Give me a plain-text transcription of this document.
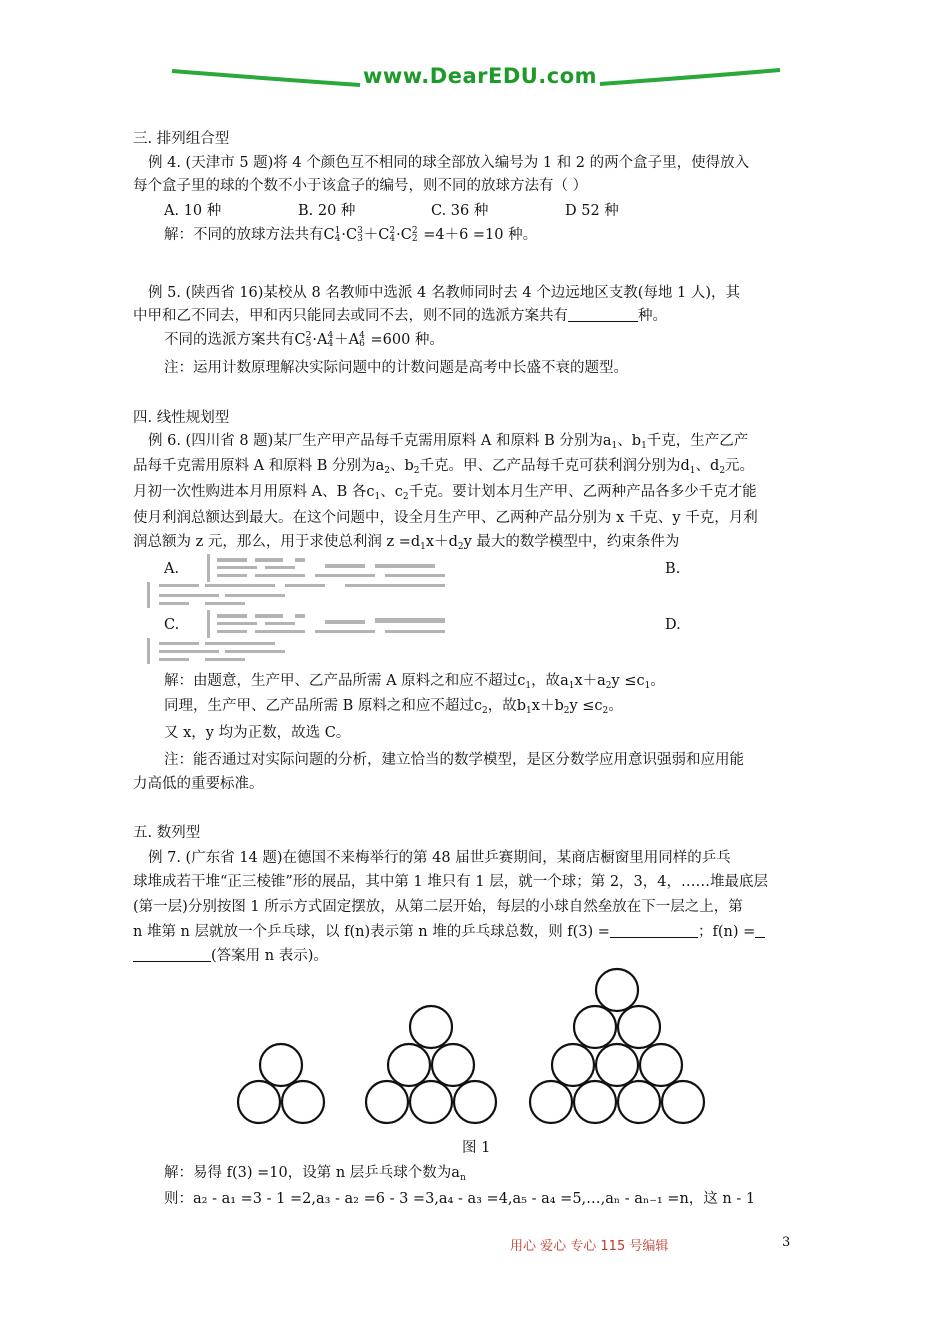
www.DearEDU.com
三. 排列组合型
例 4. (天津市 5 题)将 4 个颜色互不相同的球全部放入编号为 1 和 2 的两个盒子里，使得放入
每个盒子里的球的个数不小于该盒子的编号，则不同的放球方法有（ ）
A. 10 种	B. 20 种	C. 36 种	D 52 种
解：不同的放球方法共有C1
4·C3
3＋C2
4·C2
2 =4＋6 =10 种。
例 5. (陕西省 16)某校从 8 名教师中选派 4 名教师同时去 4 个边远地区支教(每地 1 人)，其
中甲和乙不同去，甲和丙只能同去或同不去，则不同的选派方案共有	种。
不同的选派方案共有C2
5·A4
4＋A4
6 =600 种。
注：运用计数原理解决实际问题中的计数问题是高考中长盛不衰的题型。
四. 线性规划型
例 6. (四川省 8 题)某厂生产甲产品每千克需用原料 A 和原料 B 分别为$a_1$、$b_1$千克，生产乙产
品每千克需用原料 A 和原料 B 分别为$a_2$、$b_2$千克。甲、乙产品每千克可获利润分别为$d_1$、$d_2$元。
月初一次性购进本月用原料 A、B 各$c_1$、$c_2$千克。要计划本月生产甲、乙两种产品各多少千克才能
使月利润总额达到最大。在这个问题中，设全月生产甲、乙两种产品分别为 x 千克、y 千克，月利
润总额为 z 元，那么，用于求使总利润 $z =d_1x+d_2y$ 最大的数学模型中，约束条件为
A.	B.
C.	D.
解：由题意，生产甲、乙产品所需 A 原料之和应不超过$c_1$，故$a_1x+a_2y \le c_1$。
同理，生产甲、乙产品所需 B 原料之和应不超过$c_2$，故$b_1x+b_2y \le c_2$。
又 x，y 均为正数，故选 C。
注：能否通过对实际问题的分析，建立恰当的数学模型，是区分数学应用意识强弱和应用能
力高低的重要标准。
五. 数列型
例 7. (广东省 14 题)在德国不来梅举行的第 48 届世乒赛期间，某商店橱窗里用同样的乒乓
球堆成若干堆“正三棱锥”形的展品，其中第 1 堆只有 1 层，就一个球；第 2，3，4，……堆最底层
(第一层)分别按图 1 所示方式固定摆放，从第二层开始，每层的小球自然垒放在下一层之上，第
n 堆第 n 层就放一个乒乓球，以 f(n)表示第 n 堆的乒乓球总数，则 f(3) =	；f(n) =
(答案用 n 表示)。
图 1
解：易得 f(3) =10，设第 n 层乒乓球个数为$a_n$
则：a₂ - a₁ =3 - 1 =2,a₃ - a₂ =6 - 3 =3,a₄ - a₃ =4,a₅ - a₄ =5,…,aₙ - aₙ₋₁ =n，这 n - 1
用心 爱心 专心 115 号编辑	3
